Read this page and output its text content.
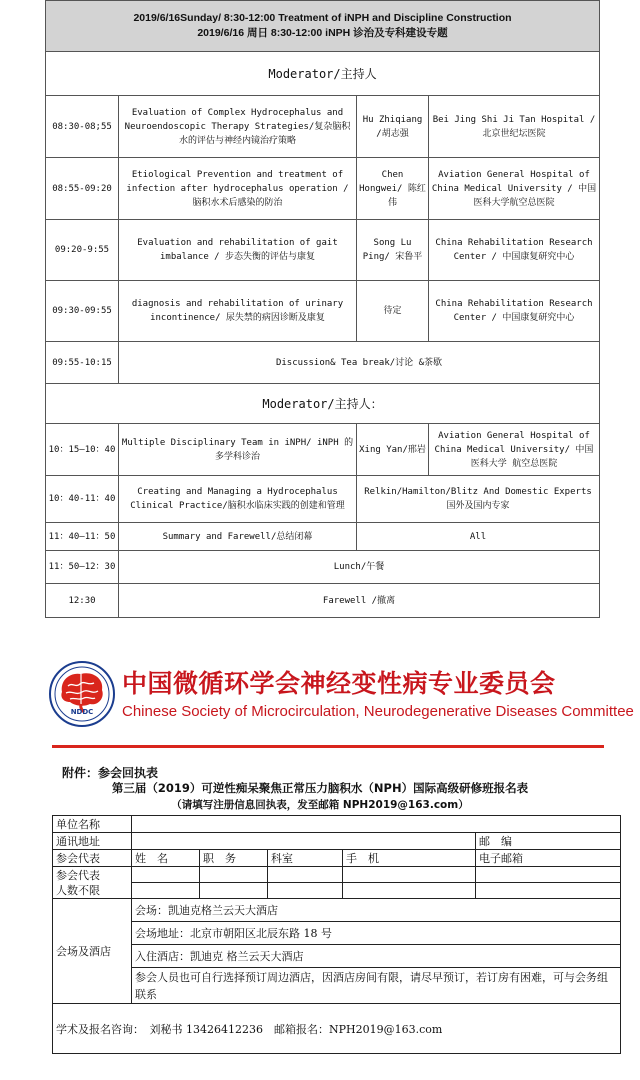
2019/6/16Sunday/ 8:30-12:00 Treatment of iNPH and Discipline Construction
2019/6/16 周日 8:30-12:00 iNPH 诊治及专科建设专题			
Moderator/主持人			
08:30-08;55	Evaluation of Complex Hydrocephalus and Neuroendoscopic Therapy Strategies/复杂脑积水的评估与神经内镜治疗策略	Hu Zhiqiang /胡志强	Bei Jing Shi Ji Tan Hospital / 北京世纪坛医院
08:55-09:20	Etiological Prevention and treatment of infection after hydrocephalus operation / 脑积水术后感染的防治	Chen Hongwei/ 陈红伟	Aviation General Hospital of China Medical University / 中国医科大学航空总医院
09:20-9:55	Evaluation and rehabilitation of gait imbalance / 步态失衡的评估与康复	Song Lu Ping/ 宋鲁平	China Rehabilitation Research Center / 中国康复研究中心
09:30-09:55	diagnosis and rehabilitation of urinary incontinence/ 尿失禁的病因诊断及康复	待定	China Rehabilitation Research Center / 中国康复研究中心
09:55-10:15	Discussion& Tea break/讨论 &茶歇		
Moderator/主持人：			
10：15—10：40	Multiple Disciplinary Team in iNPH/ iNPH 的多学科诊治	Xing Yan/邢岩	Aviation General Hospital of China Medical University/ 中国医科大学 航空总医院
10：40-11：40	Creating and Managing a Hydrocephalus Clinical Practice/脑积水临床实践的创建和管理	Relkin/Hamilton/Blitz And Domestic Experts 国外及国内专家	
11：40—11：50	Summary and Farewell/总结闭幕	All	
11：50—12：30	Lunch/午餐		
12:30	Farewell /撤离		
NDDC
中国微循环学会神经变性病专业委员会
Chinese Society of Microcirculation, Neurodegenerative Diseases Committee
附件：参会回执表
第三届（2019）可逆性痴呆聚焦正常压力脑积水（NPH）国际高级研修班报名表
（请填写注册信息回执表，发至邮箱 NPH2019@163.com）
单位名称					
通讯地址					邮　编
参会代表	姓　名	职　务	科室	手　机	电子邮箱
参会代表
人数不限					

会场及酒店	会场：凯迪克格兰云天大酒店				
	会场地址：北京市朝阳区北辰东路 18 号				
	入住酒店：凯迪克 格兰云天大酒店				
	参会人员也可自行选择预订周边酒店，因酒店房间有限，请尽早预订，若订房有困难，可与会务组联系				
学术及报名咨询：　刘秘书 13426412236　邮箱报名：NPH2019@163.com					
